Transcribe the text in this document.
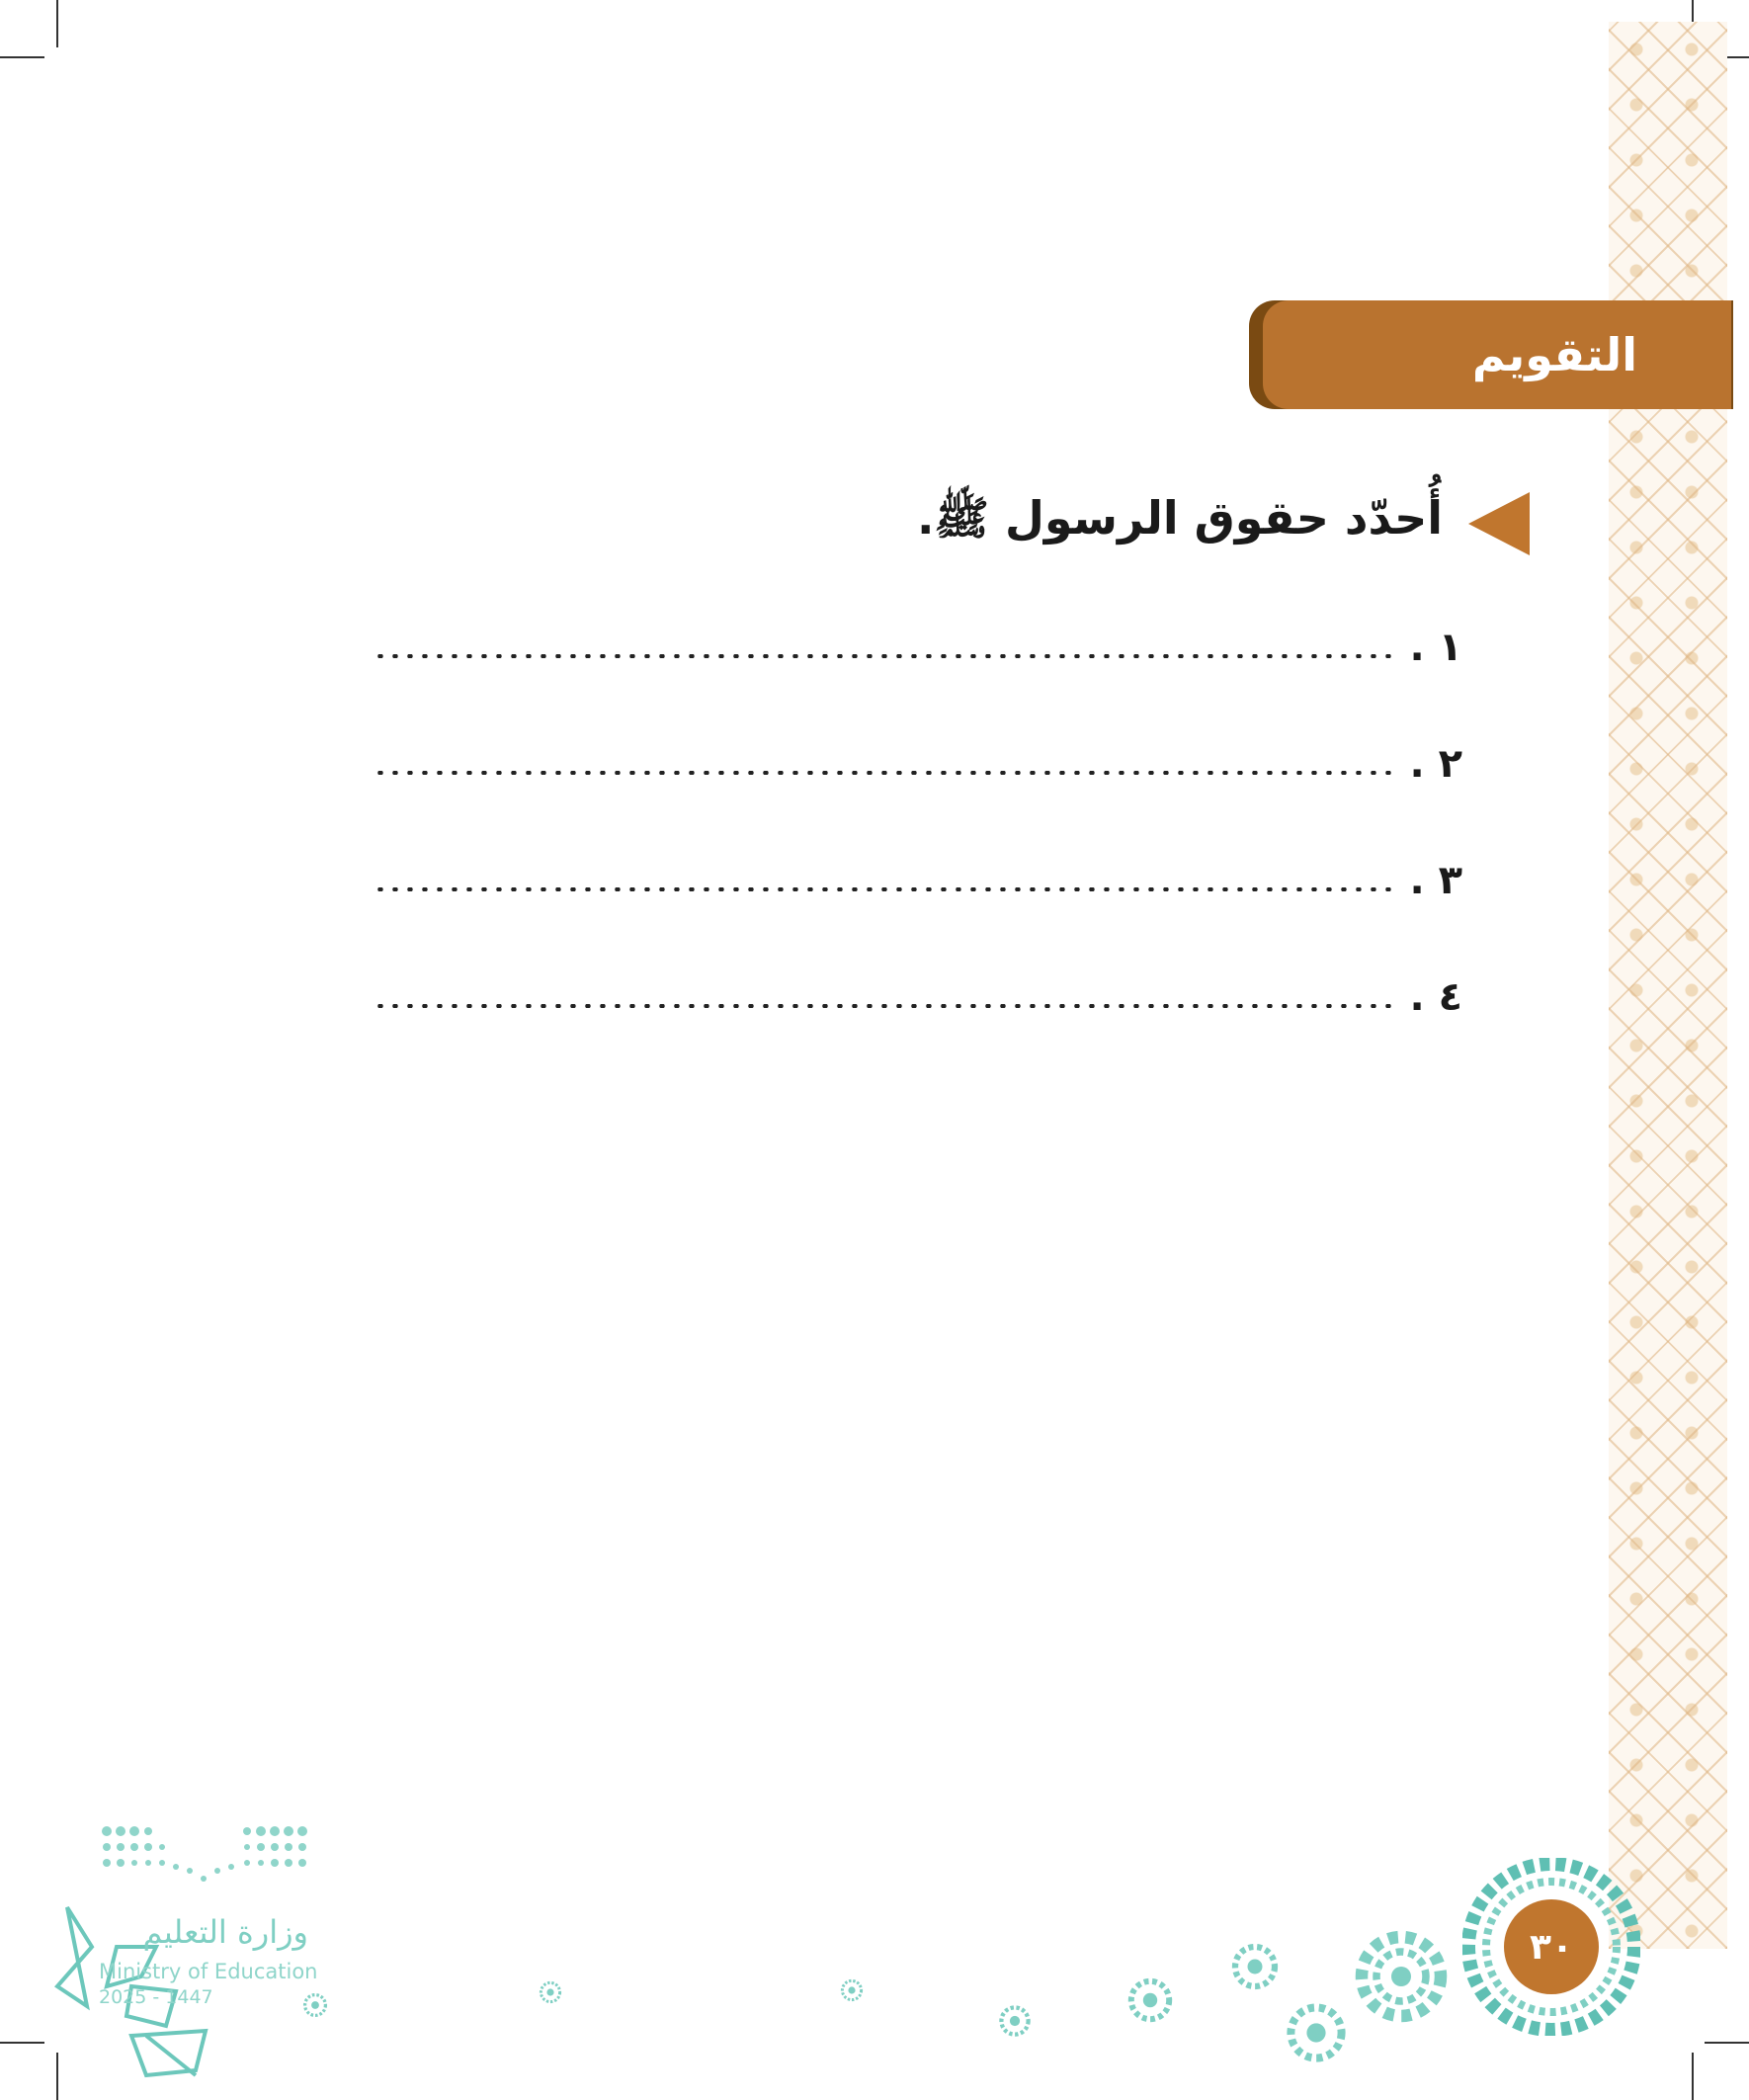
التقويم
أُحدّد حقوق الرسول ﷺ.
١ .
٢ .
٣ .
٤ .
وزارة التعليم
Ministry of Education
2025 - 1447
٣٠
